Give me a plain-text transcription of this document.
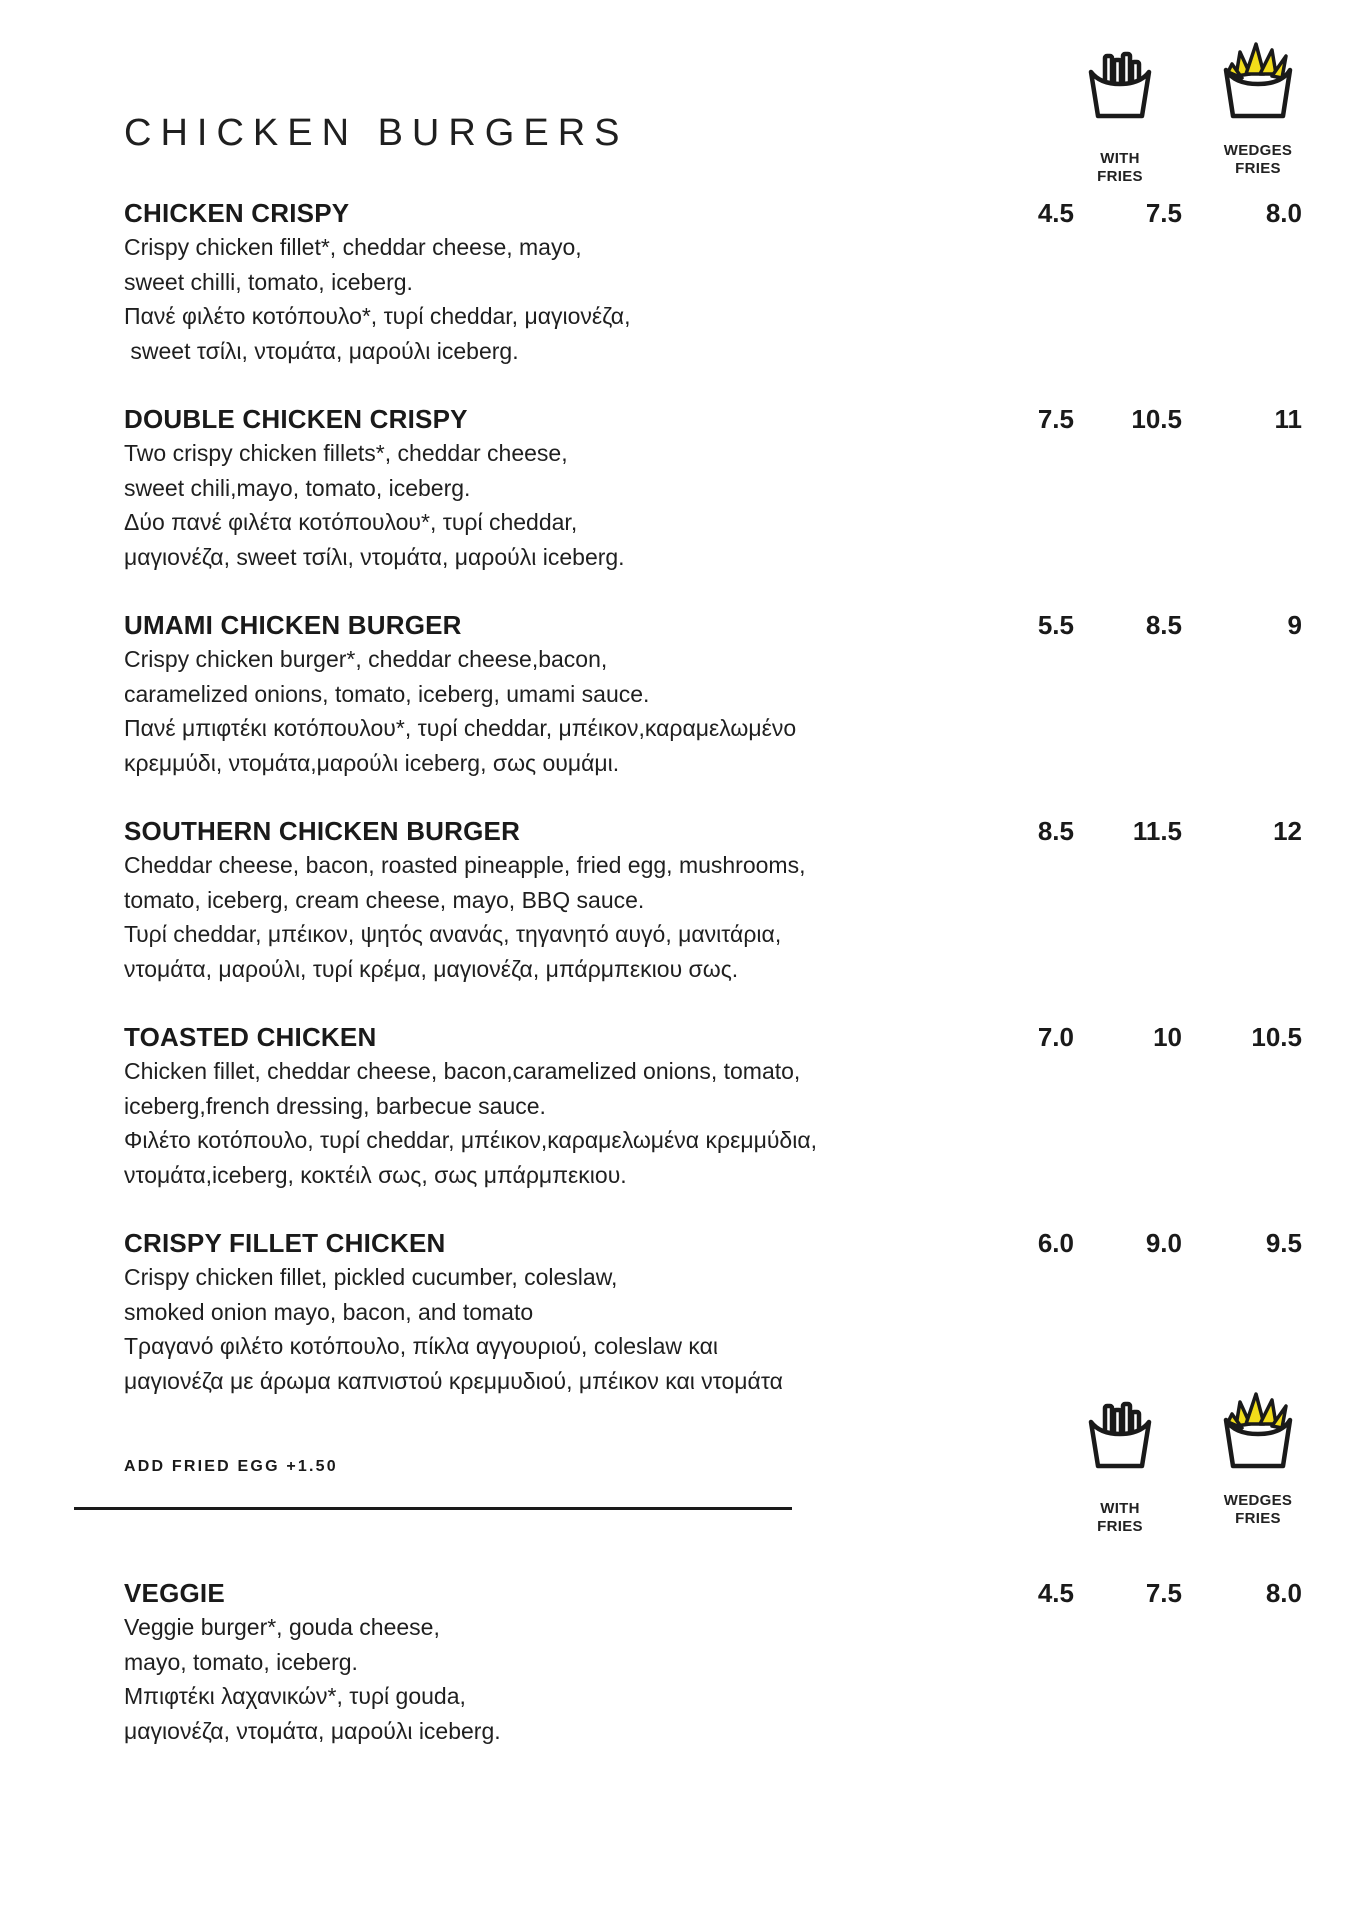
CHICKEN BURGERS
WITH
FRIES
WEDGES
FRIES
CHICKEN CRISPY
Crispy chicken fillet*, cheddar cheese, mayo,
sweet chilli, tomato, iceberg.
Πανέ φιλέτο κοτόπουλο*, τυρί cheddar, μαγιονέζα,
sweet τσίλι, ντομάτα, μαρούλι iceberg.
4.5	7.5	8.0
DOUBLE CHICKEN CRISPY
Two crispy chicken fillets*, cheddar cheese,
sweet chili,mayo, tomato, iceberg.
Δύο πανέ φιλέτα κοτόπουλου*, τυρί cheddar,
μαγιονέζα, sweet τσίλι, ντομάτα, μαρούλι iceberg.
7.5	10.5	11
UMAMI CHICKEN BURGER
Crispy chicken burger*, cheddar cheese,bacon,
caramelized onions, tomato, iceberg, umami sauce.
Πανέ μπιφτέκι κοτόπουλου*, τυρί cheddar, μπέικον,καραμελωμένο
κρεμμύδι, ντομάτα,μαρούλι iceberg, σως ουμάμι.
5.5	8.5	9
SOUTHERN CHICKEN BURGER
Cheddar cheese, bacon, roasted pineapple, fried egg, mushrooms,
tomato, iceberg, cream cheese, mayo, BBQ sauce.
Τυρί cheddar, μπέικον, ψητός ανανάς, τηγανητό αυγό, μανιτάρια,
ντομάτα, μαρούλι, τυρί κρέμα, μαγιονέζα, μπάρμπεκιου σως.
8.5	11.5	12
TOASTED CHICKEN
Chicken fillet, cheddar cheese, bacon,caramelized onions, tomato,
iceberg,french dressing, barbecue sauce.
Φιλέτο κοτόπουλο, τυρί cheddar, μπέικον,καραμελωμένα κρεμμύδια,
ντομάτα,iceberg, κοκτέιλ σως, σως μπάρμπεκιου.
7.0	10	10.5
CRISPY FILLET CHICKEN
Crispy chicken fillet, pickled cucumber, coleslaw,
smoked onion mayo, bacon, and tomato
Τραγανό φιλέτο κοτόπουλο, πίκλα αγγουριού, coleslaw και
μαγιονέζα με άρωμα καπνιστού κρεμμυδιού, μπέικον και ντομάτα
6.0	9.0	9.5
ADD FRIED EGG +1.50
WITH
FRIES
WEDGES
FRIES
VEGGIE
Veggie burger*, gouda cheese,
mayo, tomato, iceberg.
Μπιφτέκι λαχανικών*, τυρί gouda,
μαγιονέζα, ντομάτα, μαρούλι iceberg.
4.5	7.5	8.0
